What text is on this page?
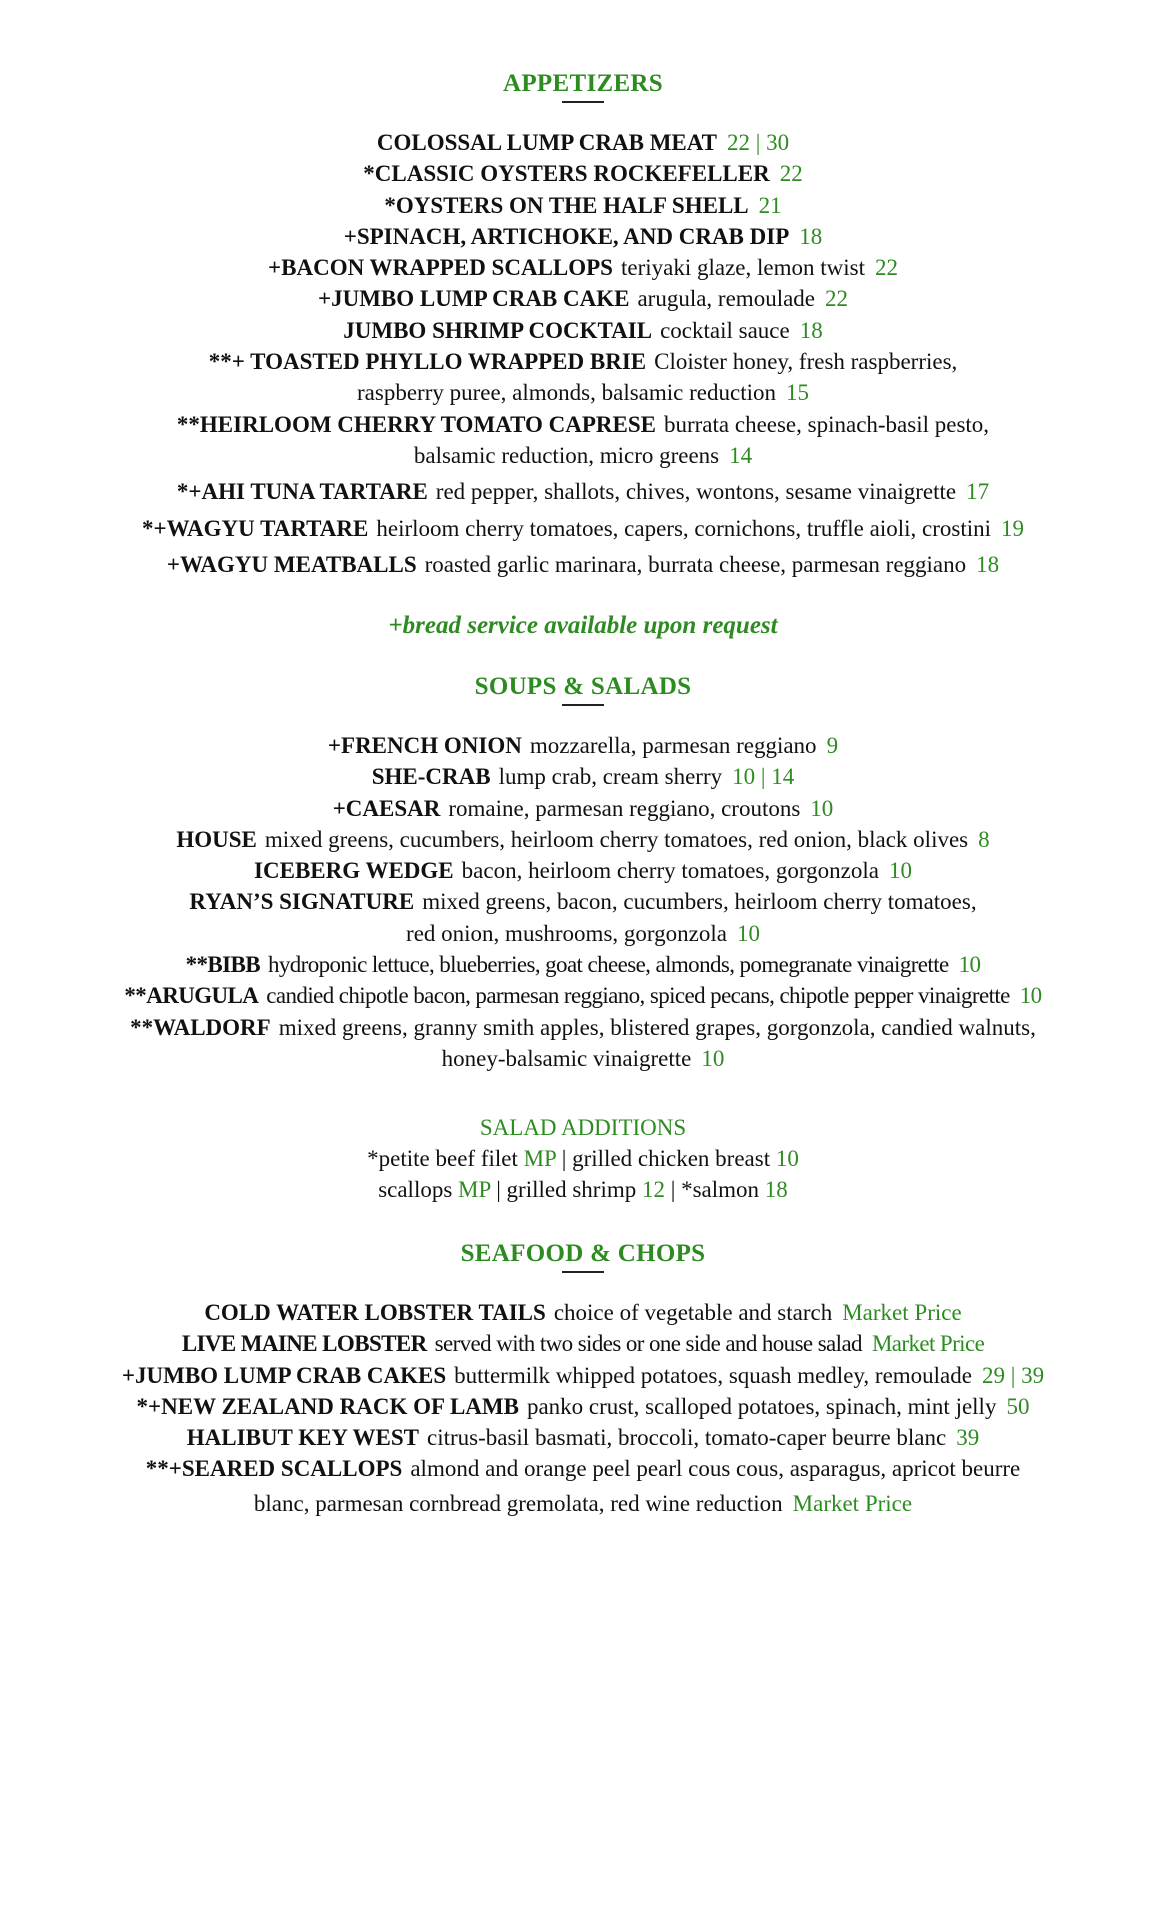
APPETIZERS
COLOSSAL LUMP CRAB MEAT 22 | 30
*CLASSIC OYSTERS ROCKEFELLER 22
*OYSTERS ON THE HALF SHELL 21
+SPINACH, ARTICHOKE, AND CRAB DIP 18
+BACON WRAPPED SCALLOPS teriyaki glaze, lemon twist 22
+JUMBO LUMP CRAB CAKE arugula, remoulade 22
JUMBO SHRIMP COCKTAIL cocktail sauce 18
**+ TOASTED PHYLLO WRAPPED BRIE Cloister honey, fresh raspberries,
raspberry puree, almonds, balsamic reduction 15
**HEIRLOOM CHERRY TOMATO CAPRESE burrata cheese, spinach-basil pesto,
balsamic reduction, micro greens 14
*+AHI TUNA TARTARE red pepper, shallots, chives, wontons, sesame vinaigrette 17
*+WAGYU TARTARE heirloom cherry tomatoes, capers, cornichons, truffle aioli, crostini 19
+WAGYU MEATBALLS roasted garlic marinara, burrata cheese, parmesan reggiano 18
+bread service available upon request
SOUPS & SALADS
+FRENCH ONION mozzarella, parmesan reggiano 9
SHE-CRAB lump crab, cream sherry 10 | 14
+CAESAR romaine, parmesan reggiano, croutons 10
HOUSE mixed greens, cucumbers, heirloom cherry tomatoes, red onion, black olives 8
ICEBERG WEDGE bacon, heirloom cherry tomatoes, gorgonzola 10
RYAN’S SIGNATURE mixed greens, bacon, cucumbers, heirloom cherry tomatoes,
red onion, mushrooms, gorgonzola 10
**BIBB hydroponic lettuce, blueberries, goat cheese, almonds, pomegranate vinaigrette 10
**ARUGULA candied chipotle bacon, parmesan reggiano, spiced pecans, chipotle pepper vinaigrette 10
**WALDORF mixed greens, granny smith apples, blistered grapes, gorgonzola, candied walnuts,
honey-balsamic vinaigrette 10
SALAD ADDITIONS
*petite beef filet MP | grilled chicken breast 10
scallops MP | grilled shrimp 12 | *salmon 18
SEAFOOD & CHOPS
COLD WATER LOBSTER TAILS choice of vegetable and starch Market Price
LIVE MAINE LOBSTER served with two sides or one side and house salad Market Price
+JUMBO LUMP CRAB CAKES buttermilk whipped potatoes, squash medley, remoulade 29 | 39
*+NEW ZEALAND RACK OF LAMB panko crust, scalloped potatoes, spinach, mint jelly 50
HALIBUT KEY WEST citrus-basil basmati, broccoli, tomato-caper beurre blanc 39
**+SEARED SCALLOPS almond and orange peel pearl cous cous, asparagus, apricot beurre
blanc, parmesan cornbread gremolata, red wine reduction Market Price
